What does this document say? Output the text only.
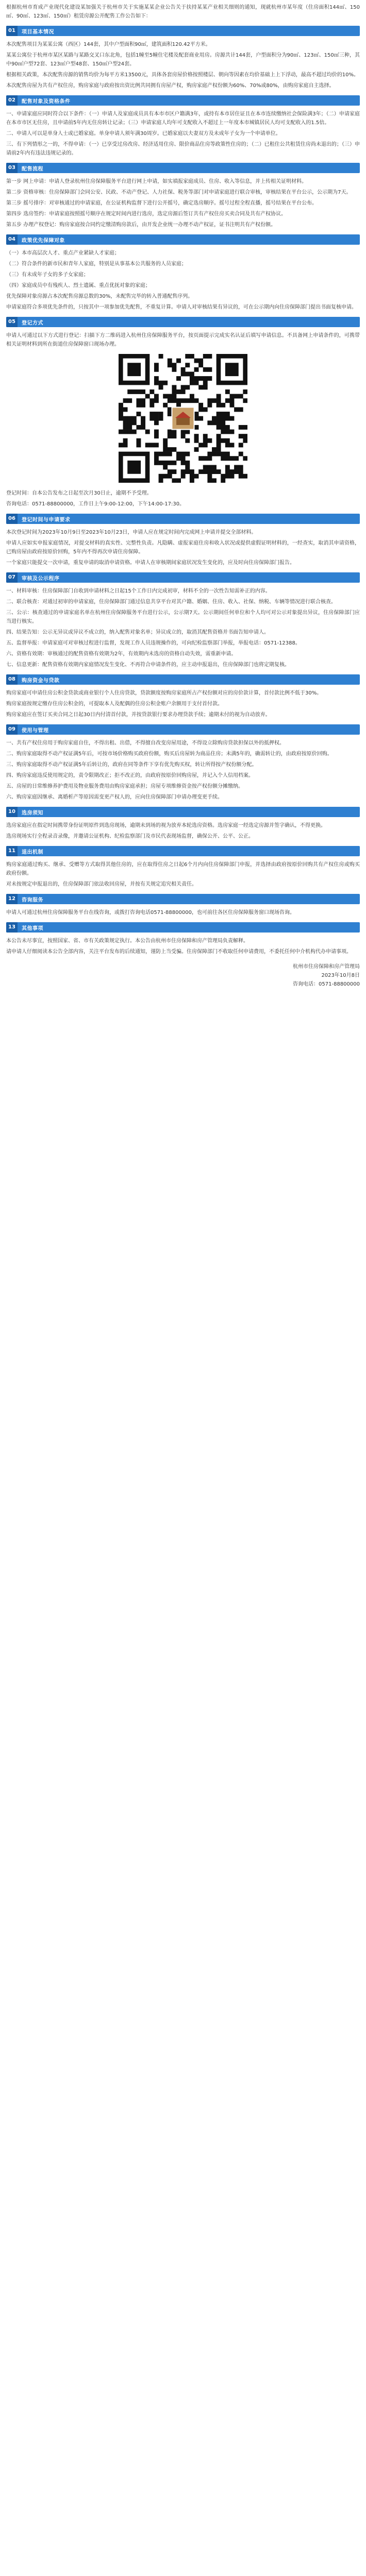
根据杭州市育成产业现代化建设某加强关于杭州市关于实施某某企业公告关于扶持某某产业相关细则的通知，现就杭州市某年度（住房面积144㎡、150㎡、90㎡、123㎡、150㎡）租赁房源公开配售工作公告如下：

01	项目基本情况

本次配售项目为某某公寓（西区）144套，其中户型面积90㎡，建筑面积120.42平方米。

某某公寓位于杭州市某区某路与某路交叉口东北角，包括1幢至5幢住宅楼及配套商业用房。房源共计144套，户型面积分为90㎡、123㎡、150㎡三种，其中90㎡户型72套、123㎡户型48套、150㎡户型24套。

根据相关政策，本次配售房源的销售均价为每平方米13500元，具体各套房屋价格按照楼层、朝向等因素在均价基础上上下浮动，最高不超过均价的10%。

本次配售房屋为共有产权住房，购房家庭与政府按出资比例共同拥有房屋产权，购房家庭产权份额为60%、70%或80%，由购房家庭自主选择。

02	配售对象及资格条件

一、申请家庭应同时符合以下条件：（一）申请人及家庭成员具有本市市区户籍满3年，或持有本市居住证且在本市连续缴纳社会保险满3年；（二）申请家庭在本市市区无住房，且申请前5年内无住房转让记录；（三）申请家庭人均年可支配收入不超过上一年度本市城镇居民人均可支配收入的1.5倍。

二、申请人可以是单身人士或已婚家庭。单身申请人须年满30周岁。已婚家庭以夫妻双方及未成年子女为一个申请单位。

三、有下列情形之一的，不得申请：（一）已享受过房改房、经济适用住房、限价商品住房等政策性住房的；（二）已租住公共租赁住房尚未退出的；（三）申请前2年内有违法违规记录的。

03	配售流程

第一步 网上申请：申请人登录杭州住房保障服务平台进行网上申请，如实填报家庭成员、住房、收入等信息，并上传相关证明材料。

第二步 资格审核：住房保障部门会同公安、民政、不动产登记、人力社保、税务等部门对申请家庭进行联合审核，审核结果在平台公示，公示期为7天。

第三步 摇号排序：对审核通过的申请家庭，在公证机构监督下进行公开摇号，确定选房顺序。摇号过程全程直播，摇号结果在平台公布。

第四步 选房签约：申请家庭按照摇号顺序在规定时间内进行选房，选定房源后签订共有产权住房买卖合同及共有产权协议。

第五步 办理产权登记：购房家庭按合同约定缴清购房款后，由开发企业统一办理不动产权证，证书注明共有产权份额。

04	政策优先保障对象

（一）本市高层次人才、重点产业紧缺人才家庭；

（二）符合条件的新市民和青年人家庭，特别是从事基本公共服务的人员家庭；

（三）有未成年子女的多子女家庭；

（四）家庭成员中有残疾人、烈士遗属、重点优抚对象的家庭；

优先保障对象房源占本次配售房源总数的30%，未配售完毕的转入普通配售序列。

申请家庭符合多项优先条件的，只按其中一项参加优先配售，不重复计算。申请人对审核结果有异议的，可在公示期内向住房保障部门提出书面复核申请。

05	登记方式

申请人可通过以下方式进行登记：扫描下方二维码进入杭州住房保障服务平台，按页面提示完成实名认证后填写申请信息。不具备网上申请条件的，可携带相关证明材料到所在街道住房保障窗口现场办理。

登记时间：自本公告发布之日起至次月30日止，逾期不予受理。

咨询电话：0571-88800000，工作日上午9:00-12:00，下午14:00-17:30。

06	登记时间与申请要求

本次登记时间为2023年10月9日至2023年10月23日，申请人应在规定时间内完成网上申请并提交全部材料。

申请人应如实申报家庭情况，对提交材料的真实性、完整性负责。凡隐瞒、虚报家庭住房和收入状况或提供虚假证明材料的，一经查实，取消其申请资格，已购房屋由政府按原价回购，5年内不得再次申请住房保障。

一个家庭只能提交一次申请，重复申请的取消申请资格。申请人在审核期间家庭状况发生变化的，应及时向住房保障部门报告。

07	审核及公示程序

一、材料审核：住房保障部门自收到申请材料之日起15个工作日内完成初审，材料不全的一次性告知需补正的内容。

二、联合核查：对通过初审的申请家庭，住房保障部门通过信息共享平台对其户籍、婚姻、住房、收入、社保、纳税、车辆等情况进行联合核查。

三、公示：核查通过的申请家庭名单在杭州住房保障服务平台进行公示，公示期7天。公示期间任何单位和个人均可对公示对象提出异议，住房保障部门应当进行核实。

四、结果告知：公示无异议或异议不成立的，纳入配售对象名单；异议成立的，取消其配售资格并书面告知申请人。

五、监督举报：申请家庭可对审核过程进行监督，发现工作人员违规操作的，可向纪检监察部门举报，举报电话：0571-12388。

六、资格有效期：审核通过的配售资格有效期为2年，有效期内未选房的资格自动失效，需重新申请。

七、信息更新：配售资格有效期内家庭情况发生变化、不再符合申请条件的，应主动申报退出，住房保障部门也将定期复核。

08	购房资金与贷款

购房家庭可申请住房公积金贷款或商业银行个人住房贷款，贷款额度按购房家庭所占产权份额对应的房价款计算，首付款比例不低于30%。

购房家庭按规定缴存住房公积金的，可提取本人及配偶的住房公积金账户余额用于支付首付款。

购房家庭应在签订买卖合同之日起30日内付清首付款，并按贷款银行要求办理贷款手续；逾期未付的视为自动放弃。

09	使用与管理

一、共有产权住房用于购房家庭自住，不得出租、出借，不得擅自改变房屋用途，不得设立除购房贷款担保以外的抵押权。

二、购房家庭取得不动产权证满5年后，可按市场价格购买政府份额，购买后房屋转为商品住房；未满5年的，确需转让的，由政府按原价回购。

三、购房家庭取得不动产权证满5年后转让的，政府在同等条件下享有优先购买权，转让所得按产权份额分配。

四、购房家庭违反使用规定的，责令限期改正；拒不改正的，由政府按原价回购房屋，并记入个人信用档案。

五、房屋的日常维修养护费用及物业服务费用由购房家庭承担；房屋专项维修资金按产权份额分摊缴纳。

六、购房家庭因继承、离婚析产等原因需变更产权人的，应向住房保障部门申请办理变更手续。

10	选房须知

选房家庭应在指定时间携带身份证明原件到选房现场，逾期未到场的视为放弃本轮选房资格。选房家庭一经选定房源并签字确认，不得更换。

选房现场实行全程录音录像，并邀请公证机构、纪检监察部门及市民代表现场监督，确保公开、公平、公正。

11	退出机制

购房家庭通过购买、继承、受赠等方式取得其他住房的，应在取得住房之日起6个月内向住房保障部门申报，并选择由政府按原价回购共有产权住房或购买政府份额。

对未按规定申报退出的，住房保障部门依法收回房屋，并按有关规定追究相关责任。

12	咨询服务

申请人可通过杭州住房保障服务平台在线咨询，或拨打咨询电话0571-88800000，也可前往各区住房保障服务窗口现场咨询。

13	其他事项

本公告未尽事宜，按照国家、省、市有关政策规定执行。本公告由杭州市住房保障和房产管理局负责解释。

请申请人仔细阅读本公告全部内容，关注平台发布的后续通知，谨防上当受骗。住房保障部门不收取任何申请费用，不委托任何中介机构代办申请事项。

杭州市住房保障和房产管理局

2023年10月8日

咨询电话：0571-88800000
